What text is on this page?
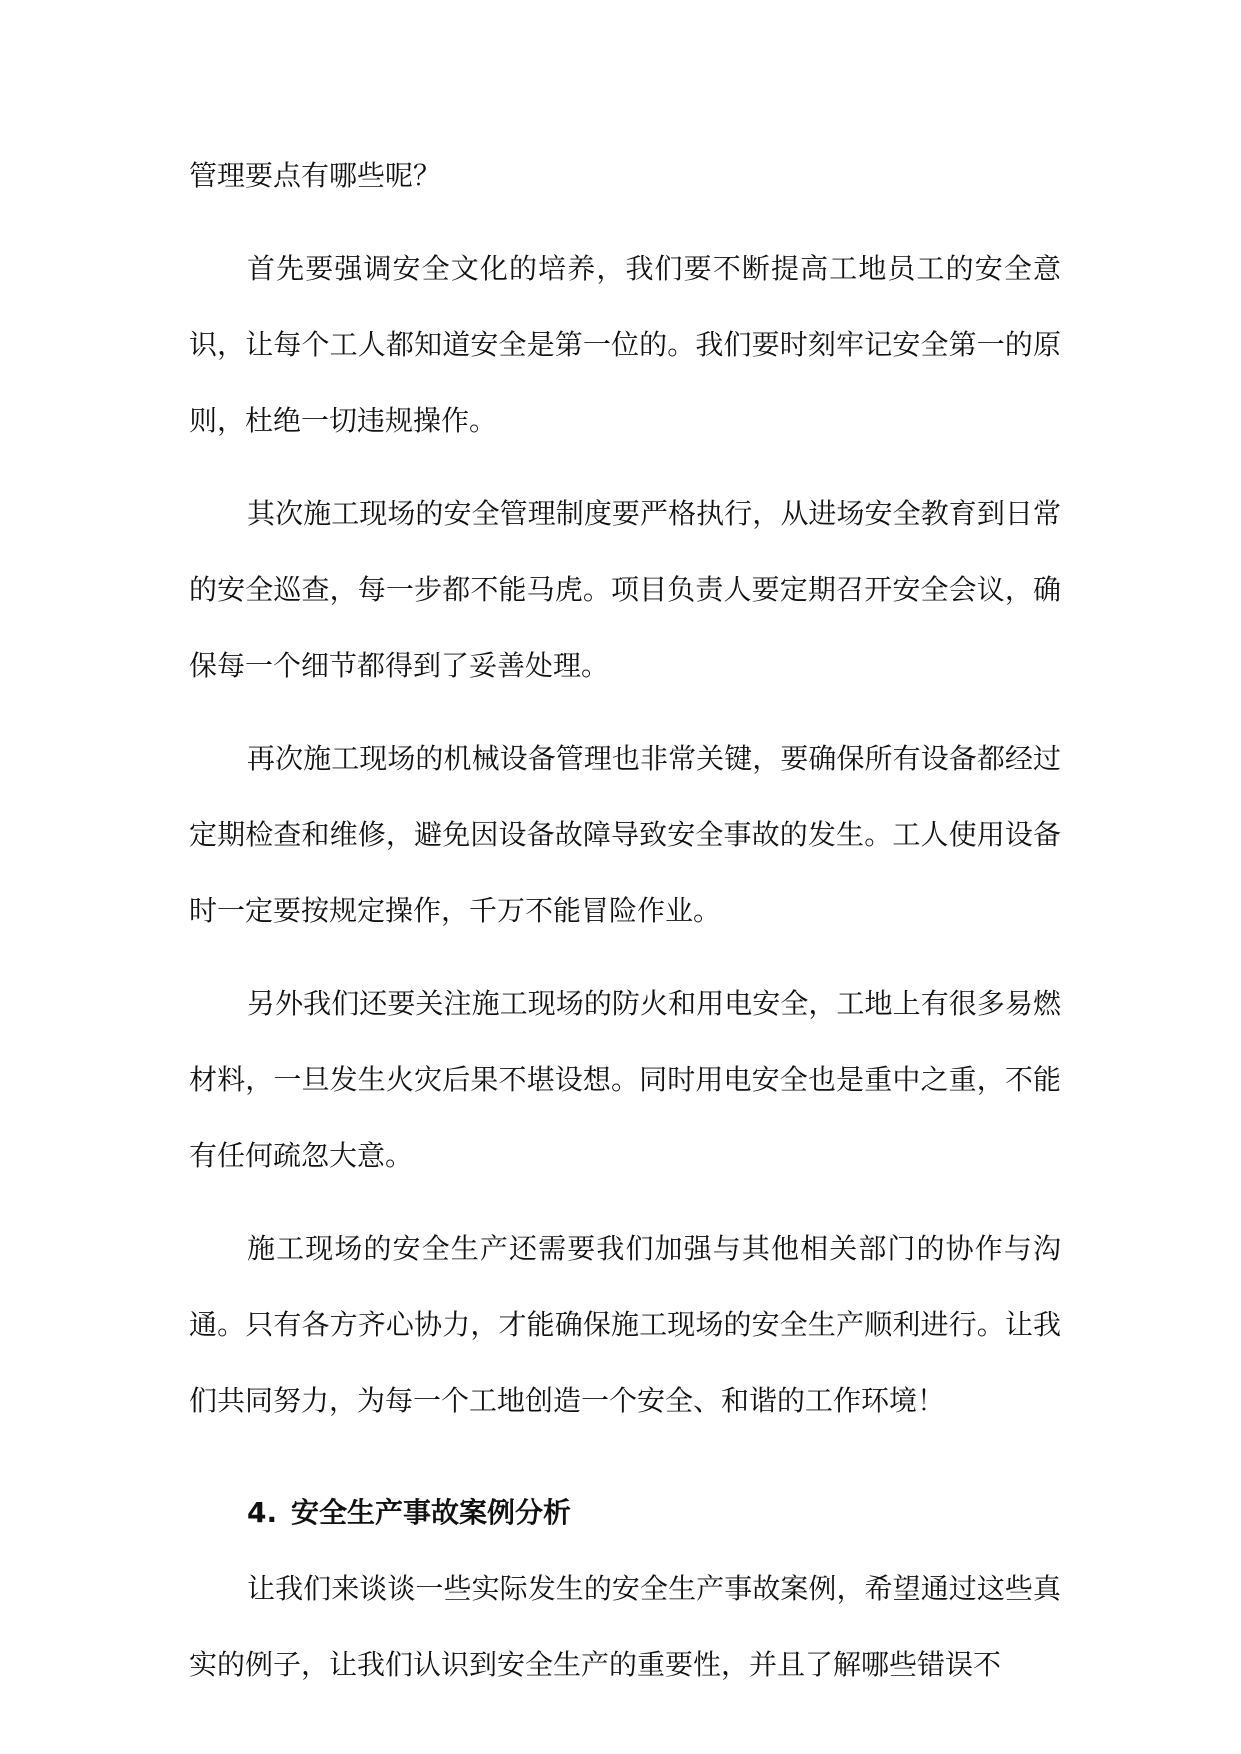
管理要点有哪些呢？

首先要强调安全文化的培养，我们要不断提高工地员工的安全意识，让每个工人都知道安全是第一位的。我们要时刻牢记安全第一的原则，杜绝一切违规操作。

其次施工现场的安全管理制度要严格执行，从进场安全教育到日常的安全巡查，每一步都不能马虎。项目负责人要定期召开安全会议，确保每一个细节都得到了妥善处理。

再次施工现场的机械设备管理也非常关键，要确保所有设备都经过定期检查和维修，避免因设备故障导致安全事故的发生。工人使用设备时一定要按规定操作，千万不能冒险作业。

另外我们还要关注施工现场的防火和用电安全，工地上有很多易燃材料，一旦发生火灾后果不堪设想。同时用电安全也是重中之重，不能有任何疏忽大意。

施工现场的安全生产还需要我们加强与其他相关部门的协作与沟通。只有各方齐心协力，才能确保施工现场的安全生产顺利进行。让我们共同努力，为每一个工地创造一个安全、和谐的工作环境！

4. 安全生产事故案例分析

让我们来谈谈一些实际发生的安全生产事故案例，希望通过这些真实的例子，让我们认识到安全生产的重要性，并且了解哪些错误不
